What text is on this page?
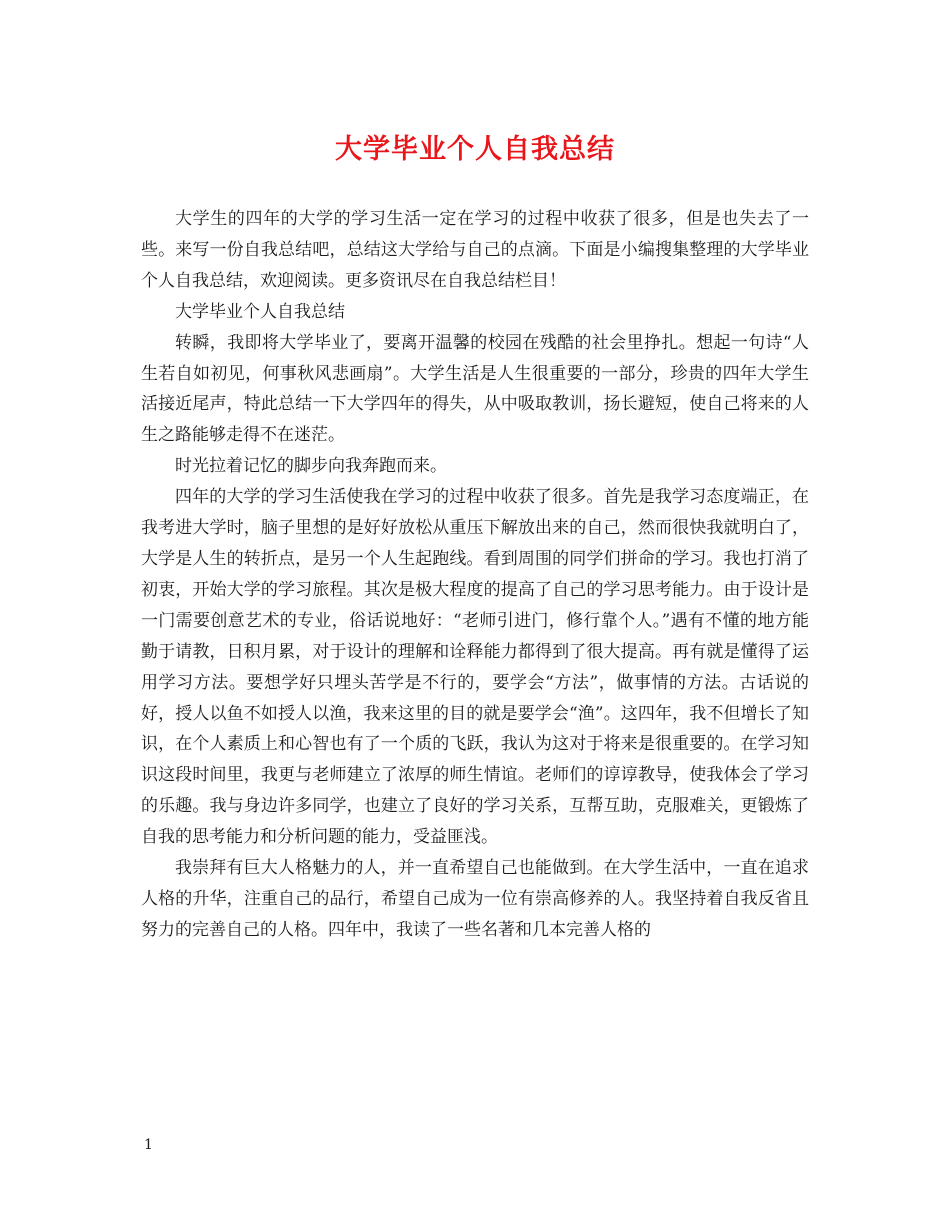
大学毕业个人自我总结

大学生的四年的大学的学习生活一定在学习的过程中收获了很多，但是也失去了一些。来写一份自我总结吧，总结这大学给与自己的点滴。下面是小编搜集整理的大学毕业个人自我总结，欢迎阅读。更多资讯尽在自我总结栏目！

大学毕业个人自我总结

转瞬，我即将大学毕业了，要离开温馨的校园在残酷的社会里挣扎。想起一句诗“人生若自如初见，何事秋风悲画扇”。大学生活是人生很重要的一部分，珍贵的四年大学生活接近尾声，特此总结一下大学四年的得失，从中吸取教训，扬长避短，使自己将来的人生之路能够走得不在迷茫。

时光拉着记忆的脚步向我奔跑而来。

四年的大学的学习生活使我在学习的过程中收获了很多。首先是我学习态度端正，在我考进大学时，脑子里想的是好好放松从重压下解放出来的自己，然而很快我就明白了，大学是人生的转折点，是另一个人生起跑线。看到周围的同学们拼命的学习。我也打消了初衷，开始大学的学习旅程。其次是极大程度的提高了自己的学习思考能力。由于设计是一门需要创意艺术的专业，俗话说地好：“老师引进门，修行靠个人。”遇有不懂的地方能勤于请教，日积月累，对于设计的理解和诠释能力都得到了很大提高。再有就是懂得了运用学习方法。要想学好只埋头苦学是不行的，要学会“方法”，做事情的方法。古话说的好，授人以鱼不如授人以渔，我来这里的目的就是要学会“渔”。这四年，我不但增长了知识，在个人素质上和心智也有了一个质的飞跃，我认为这对于将来是很重要的。在学习知识这段时间里，我更与老师建立了浓厚的师生情谊。老师们的谆谆教导，使我体会了学习的乐趣。我与身边许多同学，也建立了良好的学习关系，互帮互助，克服难关，更锻炼了自我的思考能力和分析问题的能力，受益匪浅。

我崇拜有巨大人格魅力的人，并一直希望自己也能做到。在大学生活中，一直在追求人格的升华，注重自己的品行，希望自己成为一位有崇高修养的人。我坚持着自我反省且努力的完善自己的人格。四年中，我读了一些名著和几本完善人格的

1
